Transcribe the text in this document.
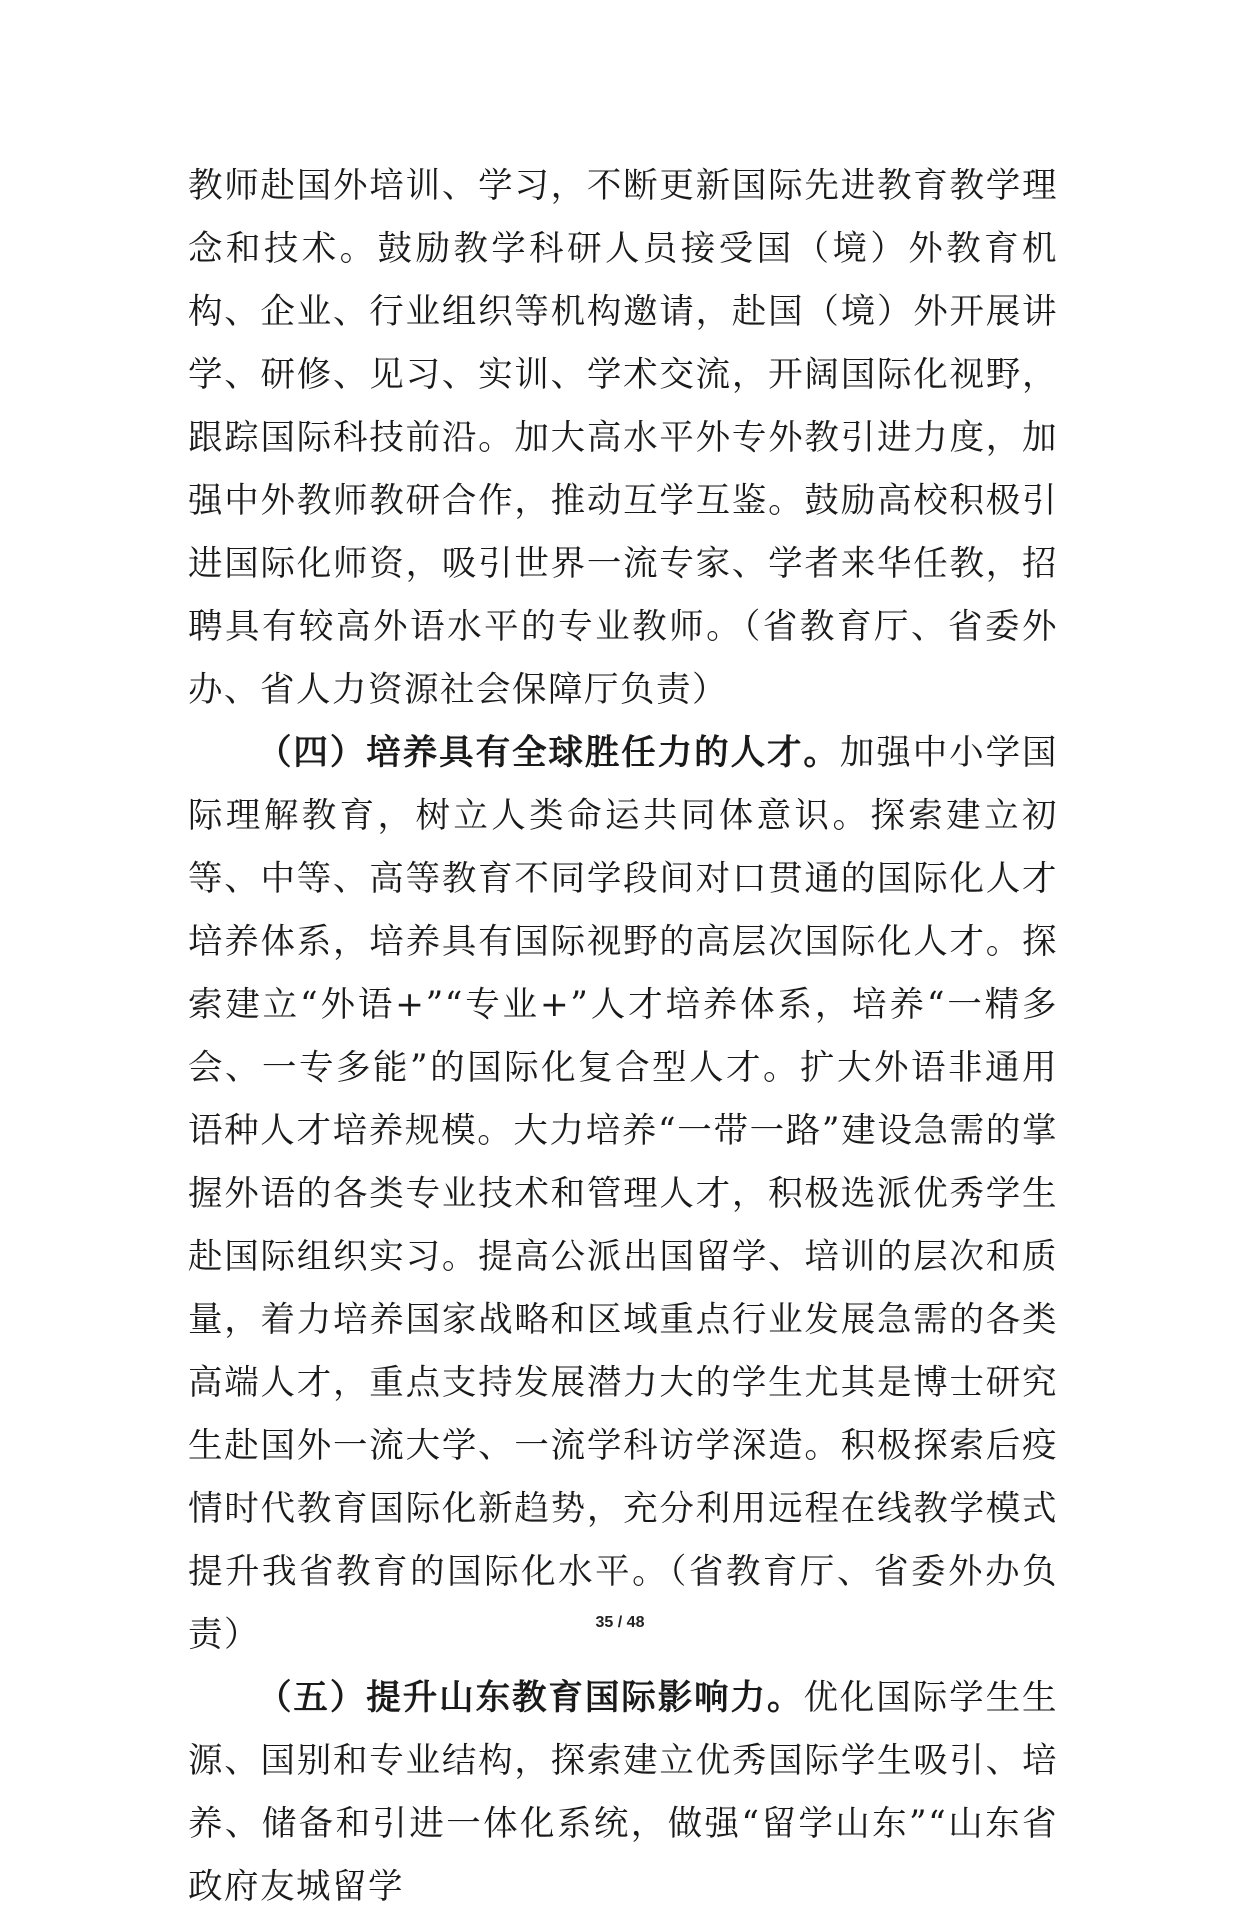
教师赴国外培训、学习，不断更新国际先进教育教学理念和技术。鼓励教学科研人员接受国（境）外教育机构、企业、行业组织等机构邀请，赴国（境）外开展讲学、研修、见习、实训、学术交流，开阔国际化视野，跟踪国际科技前沿。加大高水平外专外教引进力度，加强中外教师教研合作，推动互学互鉴。鼓励高校积极引进国际化师资，吸引世界一流专家、学者来华任教，招聘具有较高外语水平的专业教师。（省教育厅、省委外办、省人力资源社会保障厅负责）

（四）培养具有全球胜任力的人才。加强中小学国际理解教育，树立人类命运共同体意识。探索建立初等、中等、高等教育不同学段间对口贯通的国际化人才培养体系，培养具有国际视野的高层次国际化人才。探索建立“外语+”“专业+”人才培养体系，培养“一精多会、一专多能”的国际化复合型人才。扩大外语非通用语种人才培养规模。大力培养“一带一路”建设急需的掌握外语的各类专业技术和管理人才，积极选派优秀学生赴国际组织实习。提高公派出国留学、培训的层次和质量，着力培养国家战略和区域重点行业发展急需的各类高端人才，重点支持发展潜力大的学生尤其是博士研究生赴国外一流大学、一流学科访学深造。积极探索后疫情时代教育国际化新趋势，充分利用远程在线教学模式提升我省教育的国际化水平。（省教育厅、省委外办负责）

（五）提升山东教育国际影响力。优化国际学生生源、国别和专业结构，探索建立优秀国际学生吸引、培养、储备和引进一体化系统，做强“留学山东”“山东省政府友城留学

35 / 48
